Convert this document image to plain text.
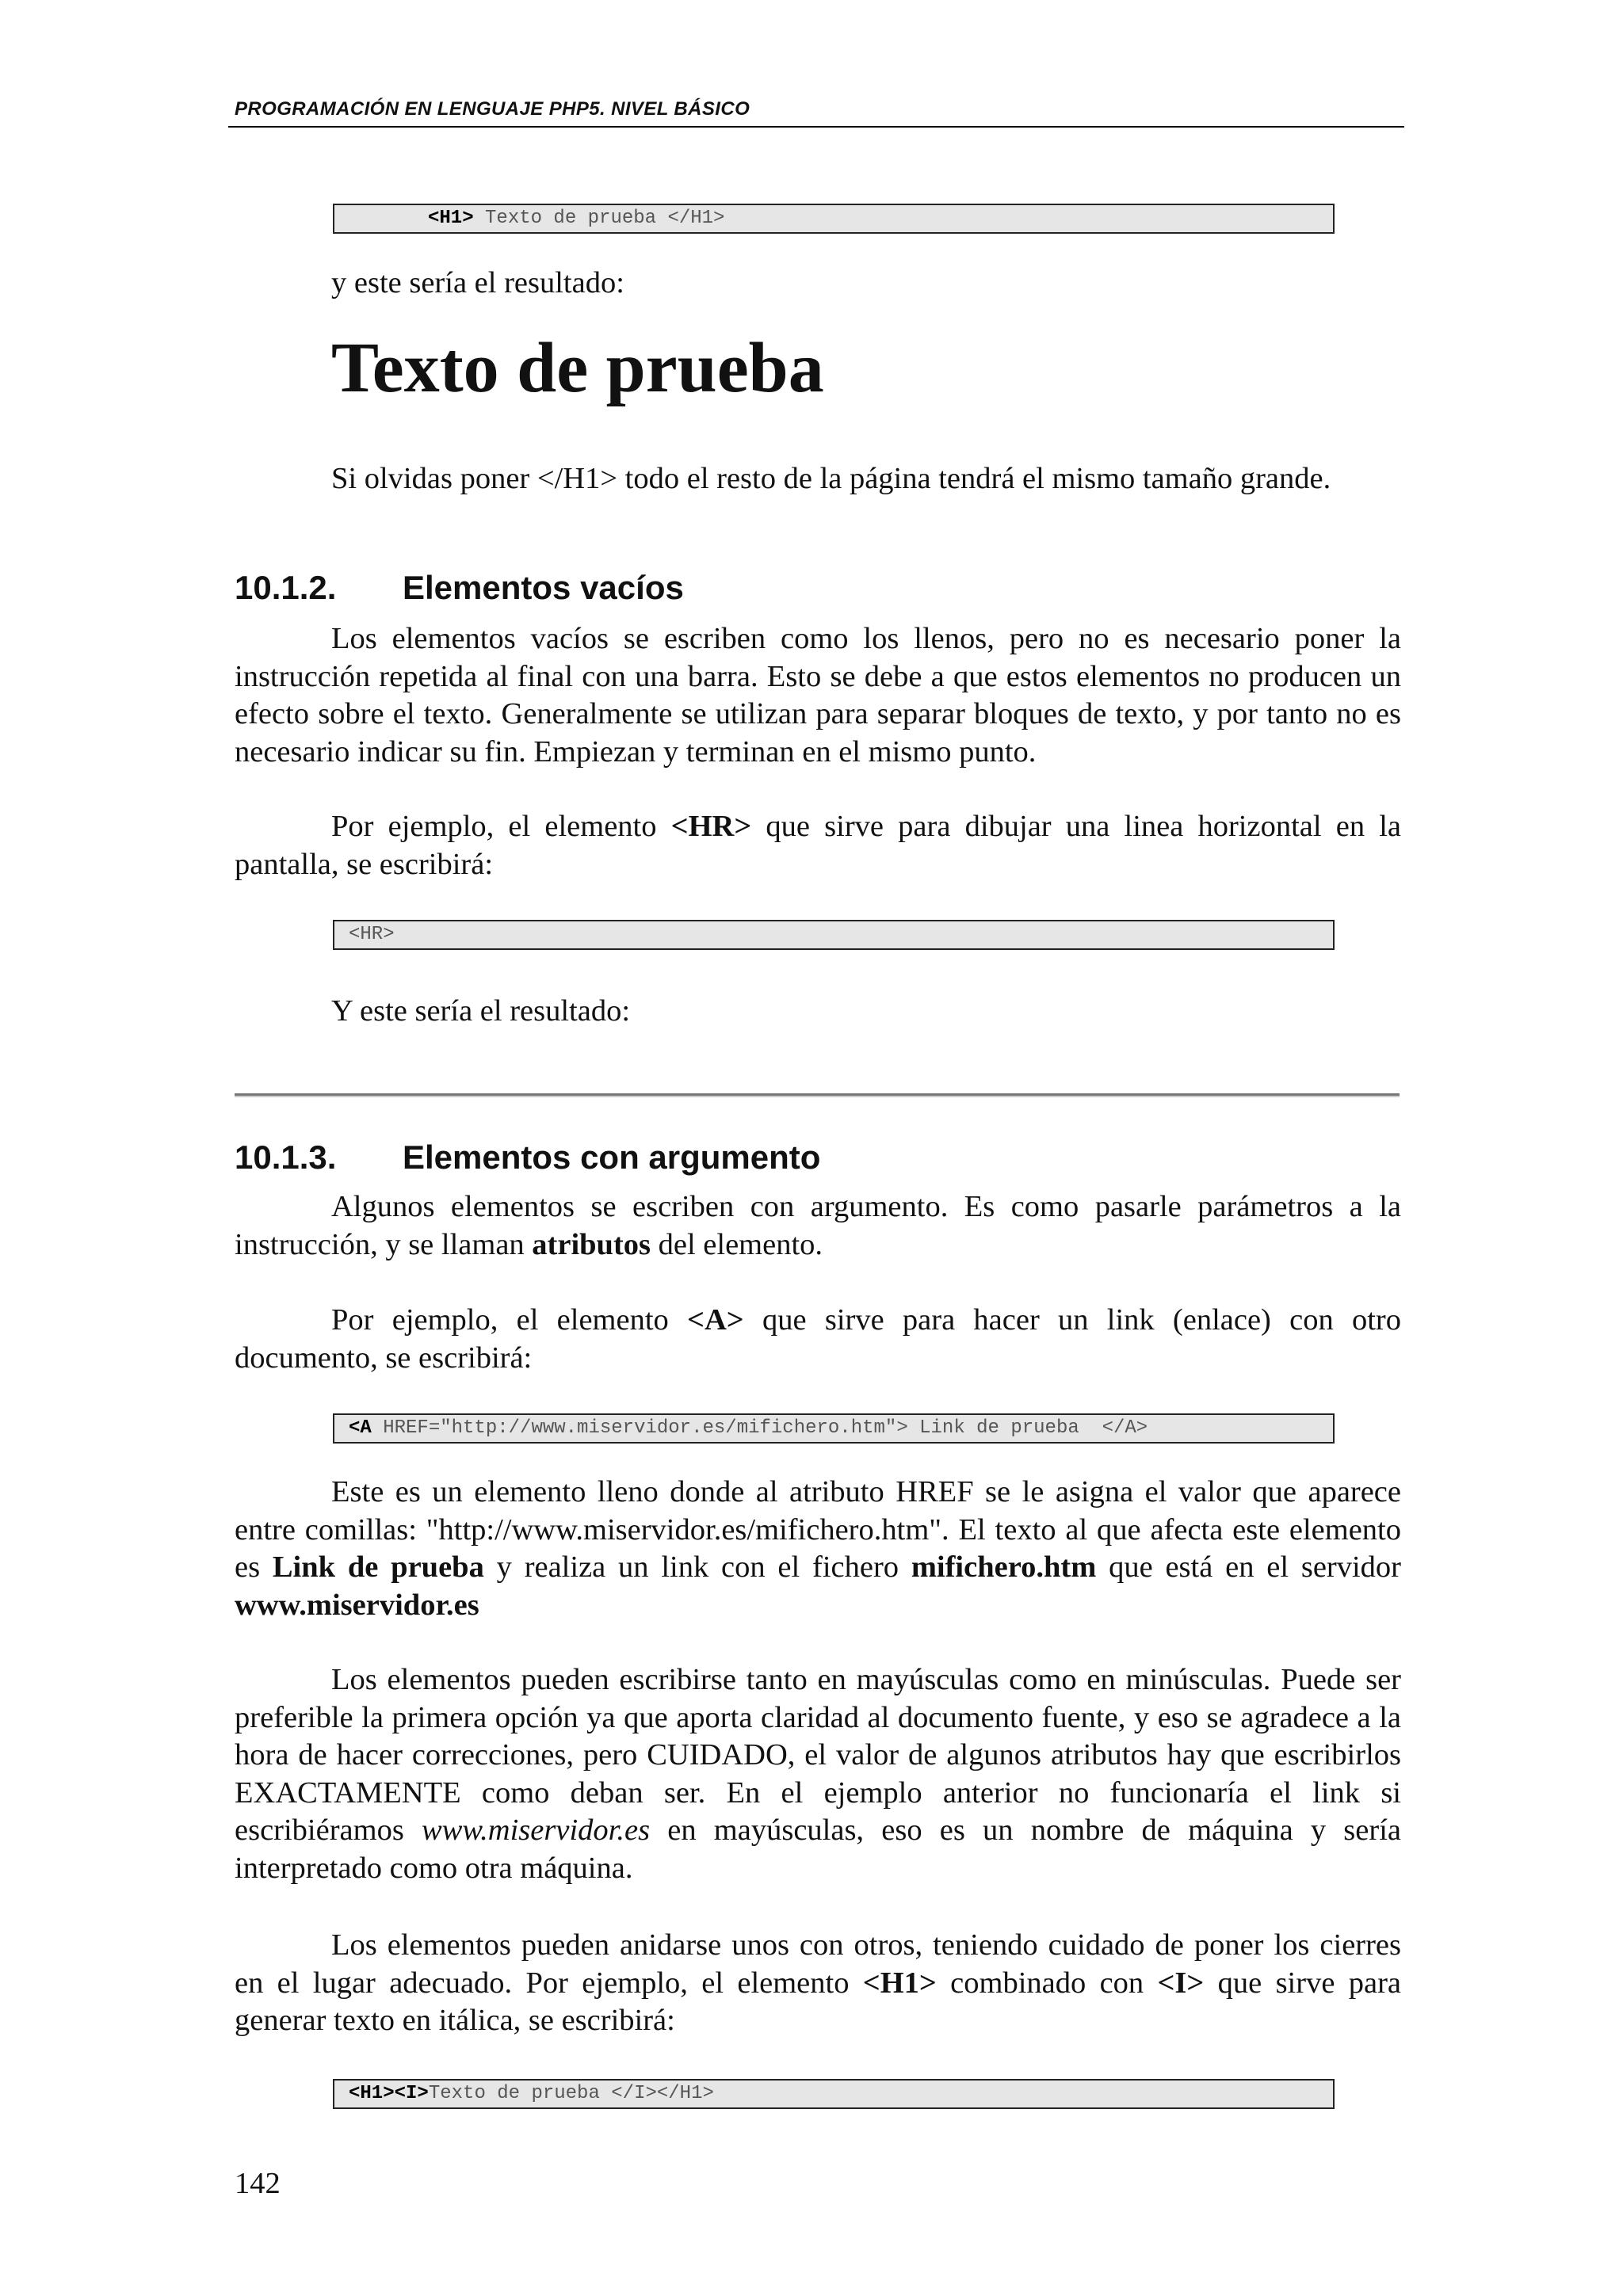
PROGRAMACIÓN EN LENGUAJE PHP5. NIVEL BÁSICO
<H1> Texto de prueba </H1>
y este sería el resultado:
Texto de prueba

Si olvidas poner </H1> todo el resto de la página tendrá el mismo tamaño grande.

10.1.2. Elementos vacíos

Los elementos vacíos se escriben como los llenos, pero no es necesario poner la instrucción repetida al final con una barra. Esto se debe a que estos elementos no producen un efecto sobre el texto. Generalmente se utilizan para separar bloques de texto, y por tanto no es necesario indicar su fin. Empiezan y terminan en el mismo punto.

Por ejemplo, el elemento <HR> que sirve para dibujar una linea horizontal en la pantalla, se escribirá:

<HR>
Y este sería el resultado:
10.1.3. Elementos con argumento

Algunos elementos se escriben con argumento. Es como pasarle parámetros a la instrucción, y se llaman atributos del elemento.

Por ejemplo, el elemento <A> que sirve para hacer un link (enlace) con otro documento, se escribirá:

<A HREF="http://www.miservidor.es/mifichero.htm"> Link de prueba  </A>

Este es un elemento lleno donde al atributo HREF se le asigna el valor que aparece entre comillas: "http://www.miservidor.es/mifichero.htm". El texto al que afecta este elemento es Link de prueba y realiza un link con el fichero mifichero.htm que está en el servidor www.miservidor.es

Los elementos pueden escribirse tanto en mayúsculas como en minúsculas. Puede ser preferible la primera opción ya que aporta claridad al documento fuente, y eso se agradece a la hora de hacer correcciones, pero CUIDADO, el valor de algunos atributos hay que escribirlos EXACTAMENTE como deban ser. En el ejemplo anterior no funcionaría el link si escribiéramos www.miservidor.es en mayúsculas, eso es un nombre de máquina y sería interpretado como otra máquina.

Los elementos pueden anidarse unos con otros, teniendo cuidado de poner los cierres en el lugar adecuado. Por ejemplo, el elemento <H1> combinado con <I> que sirve para generar texto en itálica, se escribirá:

<H1><I>Texto de prueba </I></H1>
142
